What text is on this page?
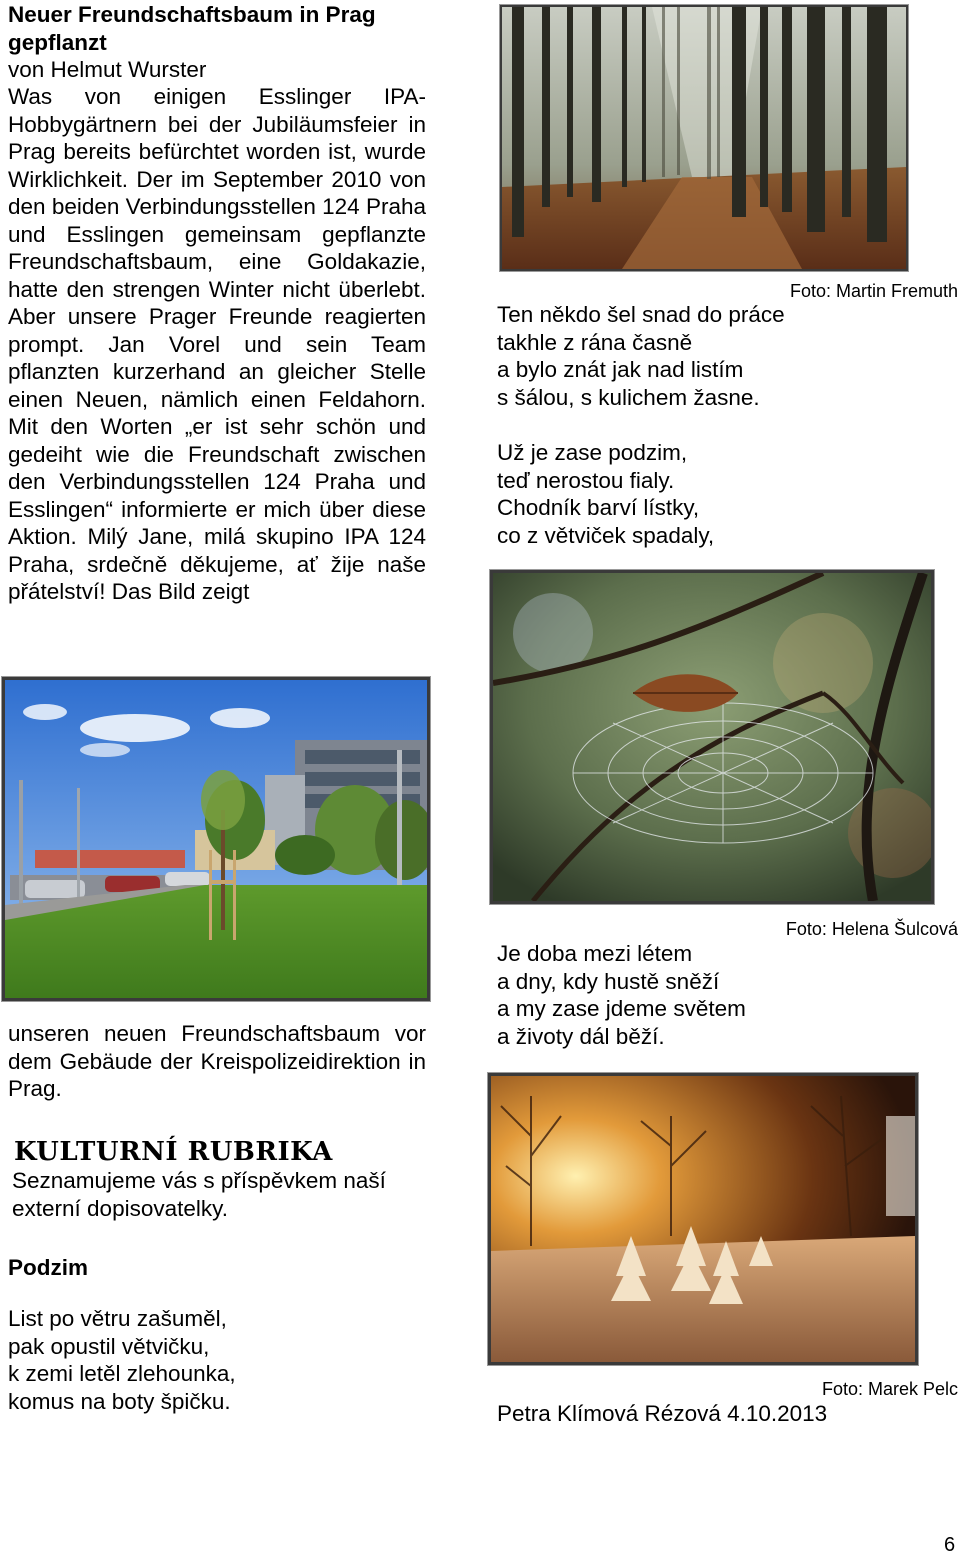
Neuer Freundschaftsbaum in Prag gepflanzt
von Helmut Wurster
Was von einigen Esslinger IPA-Hobbygärtnern bei der Jubiläumsfeier in Prag bereits befürchtet worden ist, wurde Wirklichkeit. Der im September 2010 von den beiden Verbindungsstellen 124 Praha und Esslingen gemeinsam gepflanzte Freundschaftsbaum, eine Goldakazie, hatte den strengen Winter nicht überlebt. Aber unsere Prager Freunde reagierten prompt. Jan Vorel und sein Team pflanzten kurzerhand an gleicher Stelle einen Neuen, nämlich einen Feldahorn. Mit den Worten „er ist sehr schön und gedeiht wie die Freundschaft zwischen den Verbindungsstellen 124 Praha und Esslingen“ informierte er mich über diese Aktion. Milý Jane, milá skupino IPA 124 Praha, srdečně děkujeme, ať žije naše přátelství! Das Bild zeigt
unseren neuen Freundschaftsbaum vor dem Gebäude der Kreispolizeidirektion in Prag.
KULTURNÍ RUBRIKA
Seznamujeme vás s příspěvkem naší externí dopisovatelky.
Podzim
List po větru zašuměl,
pak opustil větvičku,
k zemi letěl zlehounka,
komus na boty špičku.
Foto: Martin Fremuth
Ten někdo šel snad do práce
takhle z rána časně
a bylo znát jak nad listím
s šálou, s kulichem žasne.
Už je zase podzim,
teď nerostou fialy.
Chodník barví lístky,
co z větviček spadaly,
Foto: Helena Šulcová
Je doba mezi létem
a dny, kdy hustě sněží
a my zase jdeme světem
a životy dál běží.
Foto: Marek Pelc
Petra Klímová Rézová 4.10.2013
6
